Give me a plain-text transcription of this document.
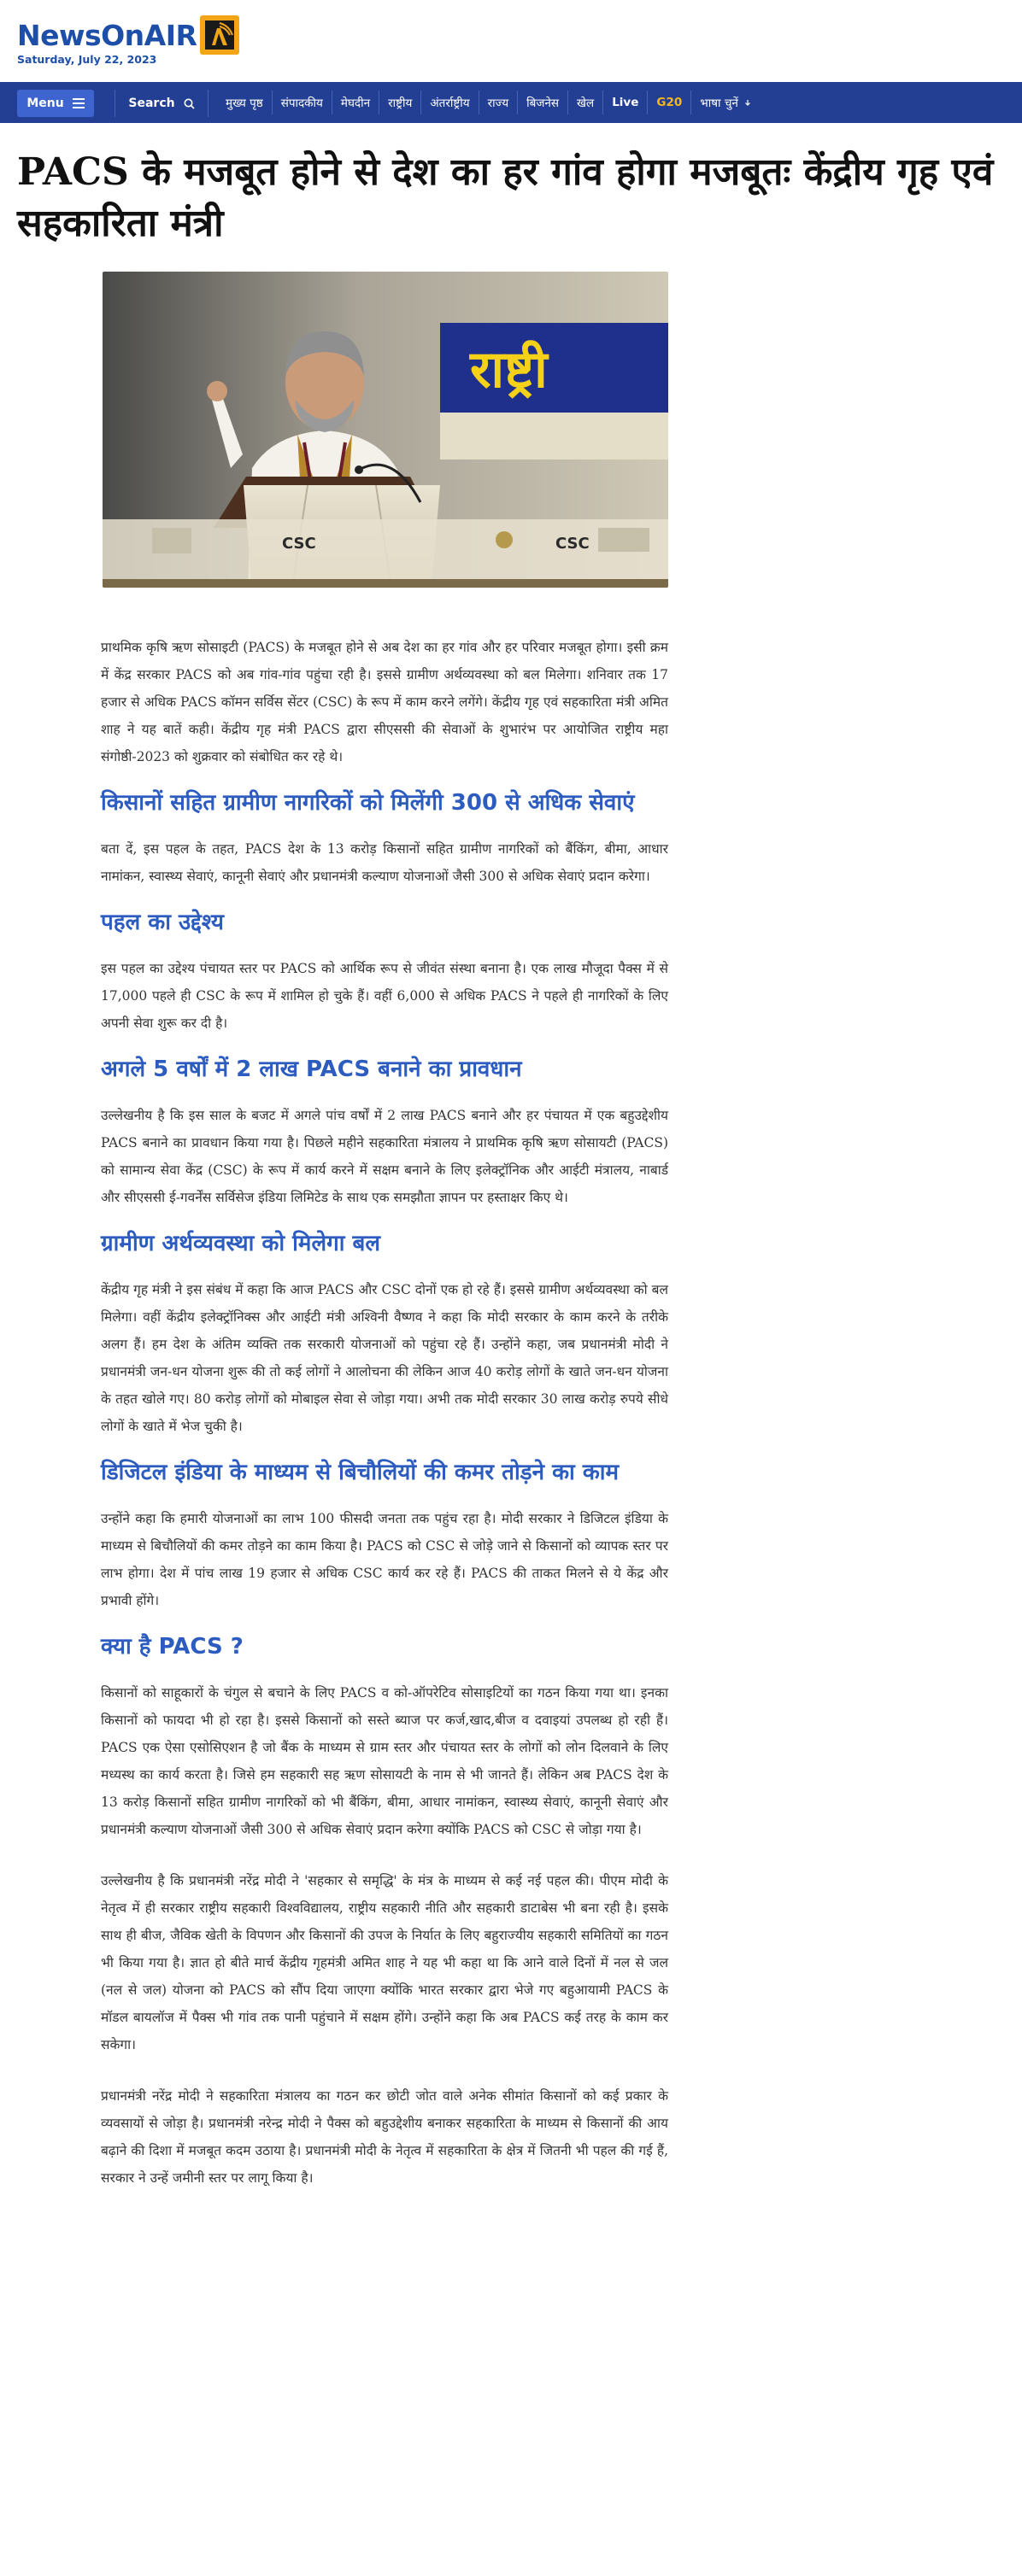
NewsOnAIR
Saturday, July 22, 2023
Menu	Search	मुख्य पृष्ठ	संपादकीय	मेघदीन	राष्ट्रीय	अंतर्राष्ट्रीय	राज्य	बिजनेस	खेल	Live	G20	भाषा चुनें
PACS के मजबूत होने से देश का हर गांव होगा मजबूतः केंद्रीय गृह एवं सहकारिता मंत्री
राष्ट्री
CSC	CSC

प्राथमिक कृषि ऋण सोसाइटी (PACS) के मजबूत होने से अब देश का हर गांव और हर परिवार मजबूत होगा। इसी क्रम में केंद्र सरकार PACS को अब गांव-गांव पहुंचा रही है। इससे ग्रामीण अर्थव्यवस्था को बल मिलेगा। शनिवार तक 17 हजार से अधिक PACS कॉमन सर्विस सेंटर (CSC) के रूप में काम करने लगेंगे। केंद्रीय गृह एवं सहकारिता मंत्री अमित शाह ने यह बातें कही। केंद्रीय गृह मंत्री PACS द्वारा सीएससी की सेवाओं के शुभारंभ पर आयोजित राष्ट्रीय महा संगोष्ठी-2023 को शुक्रवार को संबोधित कर रहे थे।

किसानों सहित ग्रामीण नागरिकों को मिलेंगी 300 से अधिक सेवाएं

बता दें, इस पहल के तहत, PACS देश के 13 करोड़ किसानों सहित ग्रामीण नागरिकों को बैंकिंग, बीमा, आधार नामांकन, स्वास्थ्य सेवाएं, कानूनी सेवाएं और प्रधानमंत्री कल्याण योजनाओं जैसी 300 से अधिक सेवाएं प्रदान करेगा।

पहल का उद्देश्य

इस पहल का उद्देश्य पंचायत स्तर पर PACS को आर्थिक रूप से जीवंत संस्था बनाना है। एक लाख मौजूदा पैक्स में से 17,000 पहले ही CSC के रूप में शामिल हो चुके हैं। वहीं 6,000 से अधिक PACS ने पहले ही नागरिकों के लिए अपनी सेवा शुरू कर दी है।

अगले 5 वर्षों में 2 लाख PACS बनाने का प्रावधान

उल्लेखनीय है कि इस साल के बजट में अगले पांच वर्षों में 2 लाख PACS बनाने और हर पंचायत में एक बहुउद्देशीय PACS बनाने का प्रावधान किया गया है। पिछले महीने सहकारिता मंत्रालय ने प्राथमिक कृषि ऋण सोसायटी (PACS) को सामान्य सेवा केंद्र (CSC) के रूप में कार्य करने में सक्षम बनाने के लिए इलेक्ट्रॉनिक और आईटी मंत्रालय, नाबार्ड और सीएससी ई-गवर्नेंस सर्विसेज इंडिया लिमिटेड के साथ एक समझौता ज्ञापन पर हस्ताक्षर किए थे।

ग्रामीण अर्थव्यवस्था को मिलेगा बल

केंद्रीय गृह मंत्री ने इस संबंध में कहा कि आज PACS और CSC दोनों एक हो रहे हैं। इससे ग्रामीण अर्थव्यवस्था को बल मिलेगा। वहीं केंद्रीय इलेक्ट्रॉनिक्स और आईटी मंत्री अश्विनी वैष्णव ने कहा कि मोदी सरकार के काम करने के तरीके अलग हैं। हम देश के अंतिम व्यक्ति तक सरकारी योजनाओं को पहुंचा रहे हैं। उन्होंने कहा, जब प्रधानमंत्री मोदी ने प्रधानमंत्री जन-धन योजना शुरू की तो कई लोगों ने आलोचना की लेकिन आज 40 करोड़ लोगों के खाते जन-धन योजना के तहत खोले गए। 80 करोड़ लोगों को मोबाइल सेवा से जोड़ा गया। अभी तक मोदी सरकार 30 लाख करोड़ रुपये सीधे लोगों के खाते में भेज चुकी है।

डिजिटल इंडिया के माध्यम से बिचौलियों की कमर तोड़ने का काम

उन्होंने कहा कि हमारी योजनाओं का लाभ 100 फीसदी जनता तक पहुंच रहा है। मोदी सरकार ने डिजिटल इंडिया के माध्यम से बिचौलियों की कमर तोड़ने का काम किया है। PACS को CSC से जोड़े जाने से किसानों को व्यापक स्तर पर लाभ होगा। देश में पांच लाख 19 हजार से अधिक CSC कार्य कर रहे हैं। PACS की ताकत मिलने से ये केंद्र और प्रभावी होंगे।

क्या है PACS ?

किसानों को साहूकारों के चंगुल से बचाने के लिए PACS व को-ऑपरेटिव सोसाइटियों का गठन किया गया था। इनका किसानों को फायदा भी हो रहा है। इससे किसानों को सस्ते ब्याज पर कर्ज,खाद,बीज व दवाइयां उपलब्ध हो रही हैं। PACS एक ऐसा एसोसिएशन है जो बैंक के माध्यम से ग्राम स्तर और पंचायत स्तर के लोगों को लोन दिलवाने के लिए मध्यस्थ का कार्य करता है। जिसे हम सहकारी सह ऋण सोसायटी के नाम से भी जानते हैं। लेकिन अब PACS देश के 13 करोड़ किसानों सहित ग्रामीण नागरिकों को भी बैंकिंग, बीमा, आधार नामांकन, स्वास्थ्य सेवाएं, कानूनी सेवाएं और प्रधानमंत्री कल्याण योजनाओं जैसी 300 से अधिक सेवाएं प्रदान करेगा क्योंकि PACS को CSC से जोड़ा गया है।

उल्लेखनीय है कि प्रधानमंत्री नरेंद्र मोदी ने 'सहकार से समृद्धि' के मंत्र के माध्यम से कई नई पहल की। पीएम मोदी के नेतृत्व में ही सरकार राष्ट्रीय सहकारी विश्वविद्यालय, राष्ट्रीय सहकारी नीति और सहकारी डाटाबेस भी बना रही है। इसके साथ ही बीज, जैविक खेती के विपणन और किसानों की उपज के निर्यात के लिए बहुराज्यीय सहकारी समितियों का गठन भी किया गया है। ज्ञात हो बीते मार्च केंद्रीय गृहमंत्री अमित शाह ने यह भी कहा था कि आने वाले दिनों में नल से जल (नल से जल) योजना को PACS को सौंप दिया जाएगा क्योंकि भारत सरकार द्वारा भेजे गए बहुआयामी PACS के मॉडल बायलॉज में पैक्स भी गांव तक पानी पहुंचाने में सक्षम होंगे। उन्होंने कहा कि अब PACS कई तरह के काम कर सकेगा।

प्रधानमंत्री नरेंद्र मोदी ने सहकारिता मंत्रालय का गठन कर छोटी जोत वाले अनेक सीमांत किसानों को कई प्रकार के व्यवसायों से जोड़ा है। प्रधानमंत्री नरेन्द्र मोदी ने पैक्स को बहुउद्देशीय बनाकर सहकारिता के माध्यम से किसानों की आय बढ़ाने की दिशा में मजबूत कदम उठाया है। प्रधानमंत्री मोदी के नेतृत्व में सहकारिता के क्षेत्र में जितनी भी पहल की गई हैं, सरकार ने उन्हें जमीनी स्तर पर लागू किया है।
